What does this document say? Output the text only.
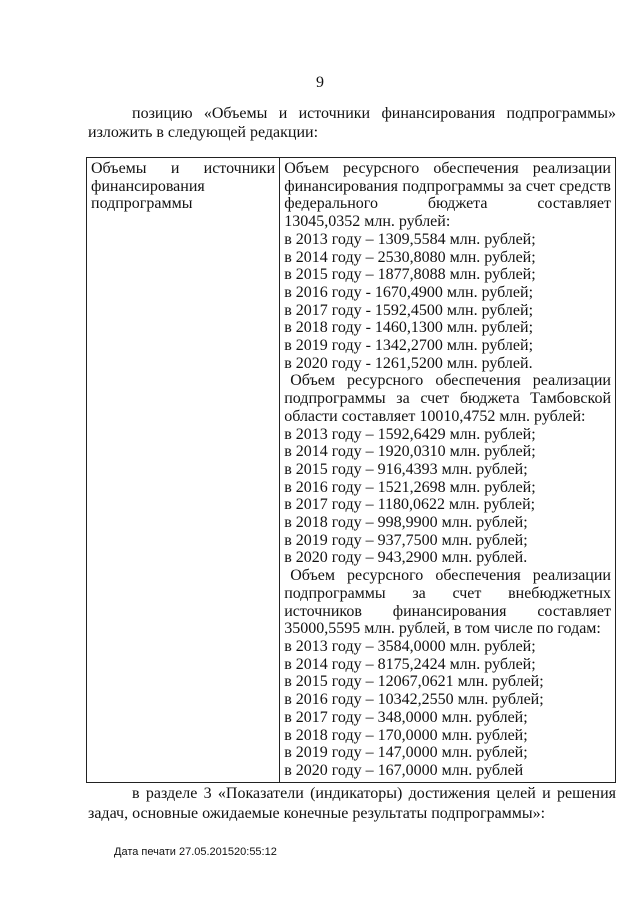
9
позицию «Объемы и источники финансирования подпрограммы»
изложить в следующей редакции:
Объемы и источники
финансирования
подпрограммы

Объем ресурсного обеспечения реализации
финансирования подпрограммы за счет средств
федерального	бюджета	составляет
13045,0352 млн. рублей:
в 2013 году – 1309,5584 млн. рублей;
в 2014 году – 2530,8080 млн. рублей;
в 2015 году – 1877,8088 млн. рублей;
в 2016 году - 1670,4900 млн. рублей;
в 2017 году - 1592,4500 млн. рублей;
в 2018 году - 1460,1300 млн. рублей;
в 2019 году - 1342,2700 млн. рублей;
в 2020 году - 1261,5200 млн. рублей.
Объем ресурсного обеспечения реализации
подпрограммы за счет бюджета Тамбовской
области составляет 10010,4752 млн. рублей:
в 2013 году – 1592,6429 млн. рублей;
в 2014 году – 1920,0310 млн. рублей;
в 2015 году – 916,4393 млн. рублей;
в 2016 году – 1521,2698 млн. рублей;
в 2017 году – 1180,0622 млн. рублей;
в 2018 году – 998,9900 млн. рублей;
в 2019 году – 937,7500 млн. рублей;
в 2020 году – 943,2900 млн. рублей.
Объем ресурсного обеспечения реализации
подпрограммы за счет внебюджетных
источников финансирования составляет
35000,5595 млн. рублей, в том числе по годам:
в 2013 году – 3584,0000 млн. рублей;
в 2014 году – 8175,2424 млн. рублей;
в 2015 году – 12067,0621 млн. рублей;
в 2016 году – 10342,2550 млн. рублей;
в 2017 году – 348,0000 млн. рублей;
в 2018 году – 170,0000 млн. рублей;
в 2019 году – 147,0000 млн. рублей;
в 2020 году – 167,0000 млн. рублей
в разделе 3 «Показатели (индикаторы) достижения целей и решения
задач, основные ожидаемые конечные результаты подпрограммы»:
Дата печати 27.05.201520:55:12
